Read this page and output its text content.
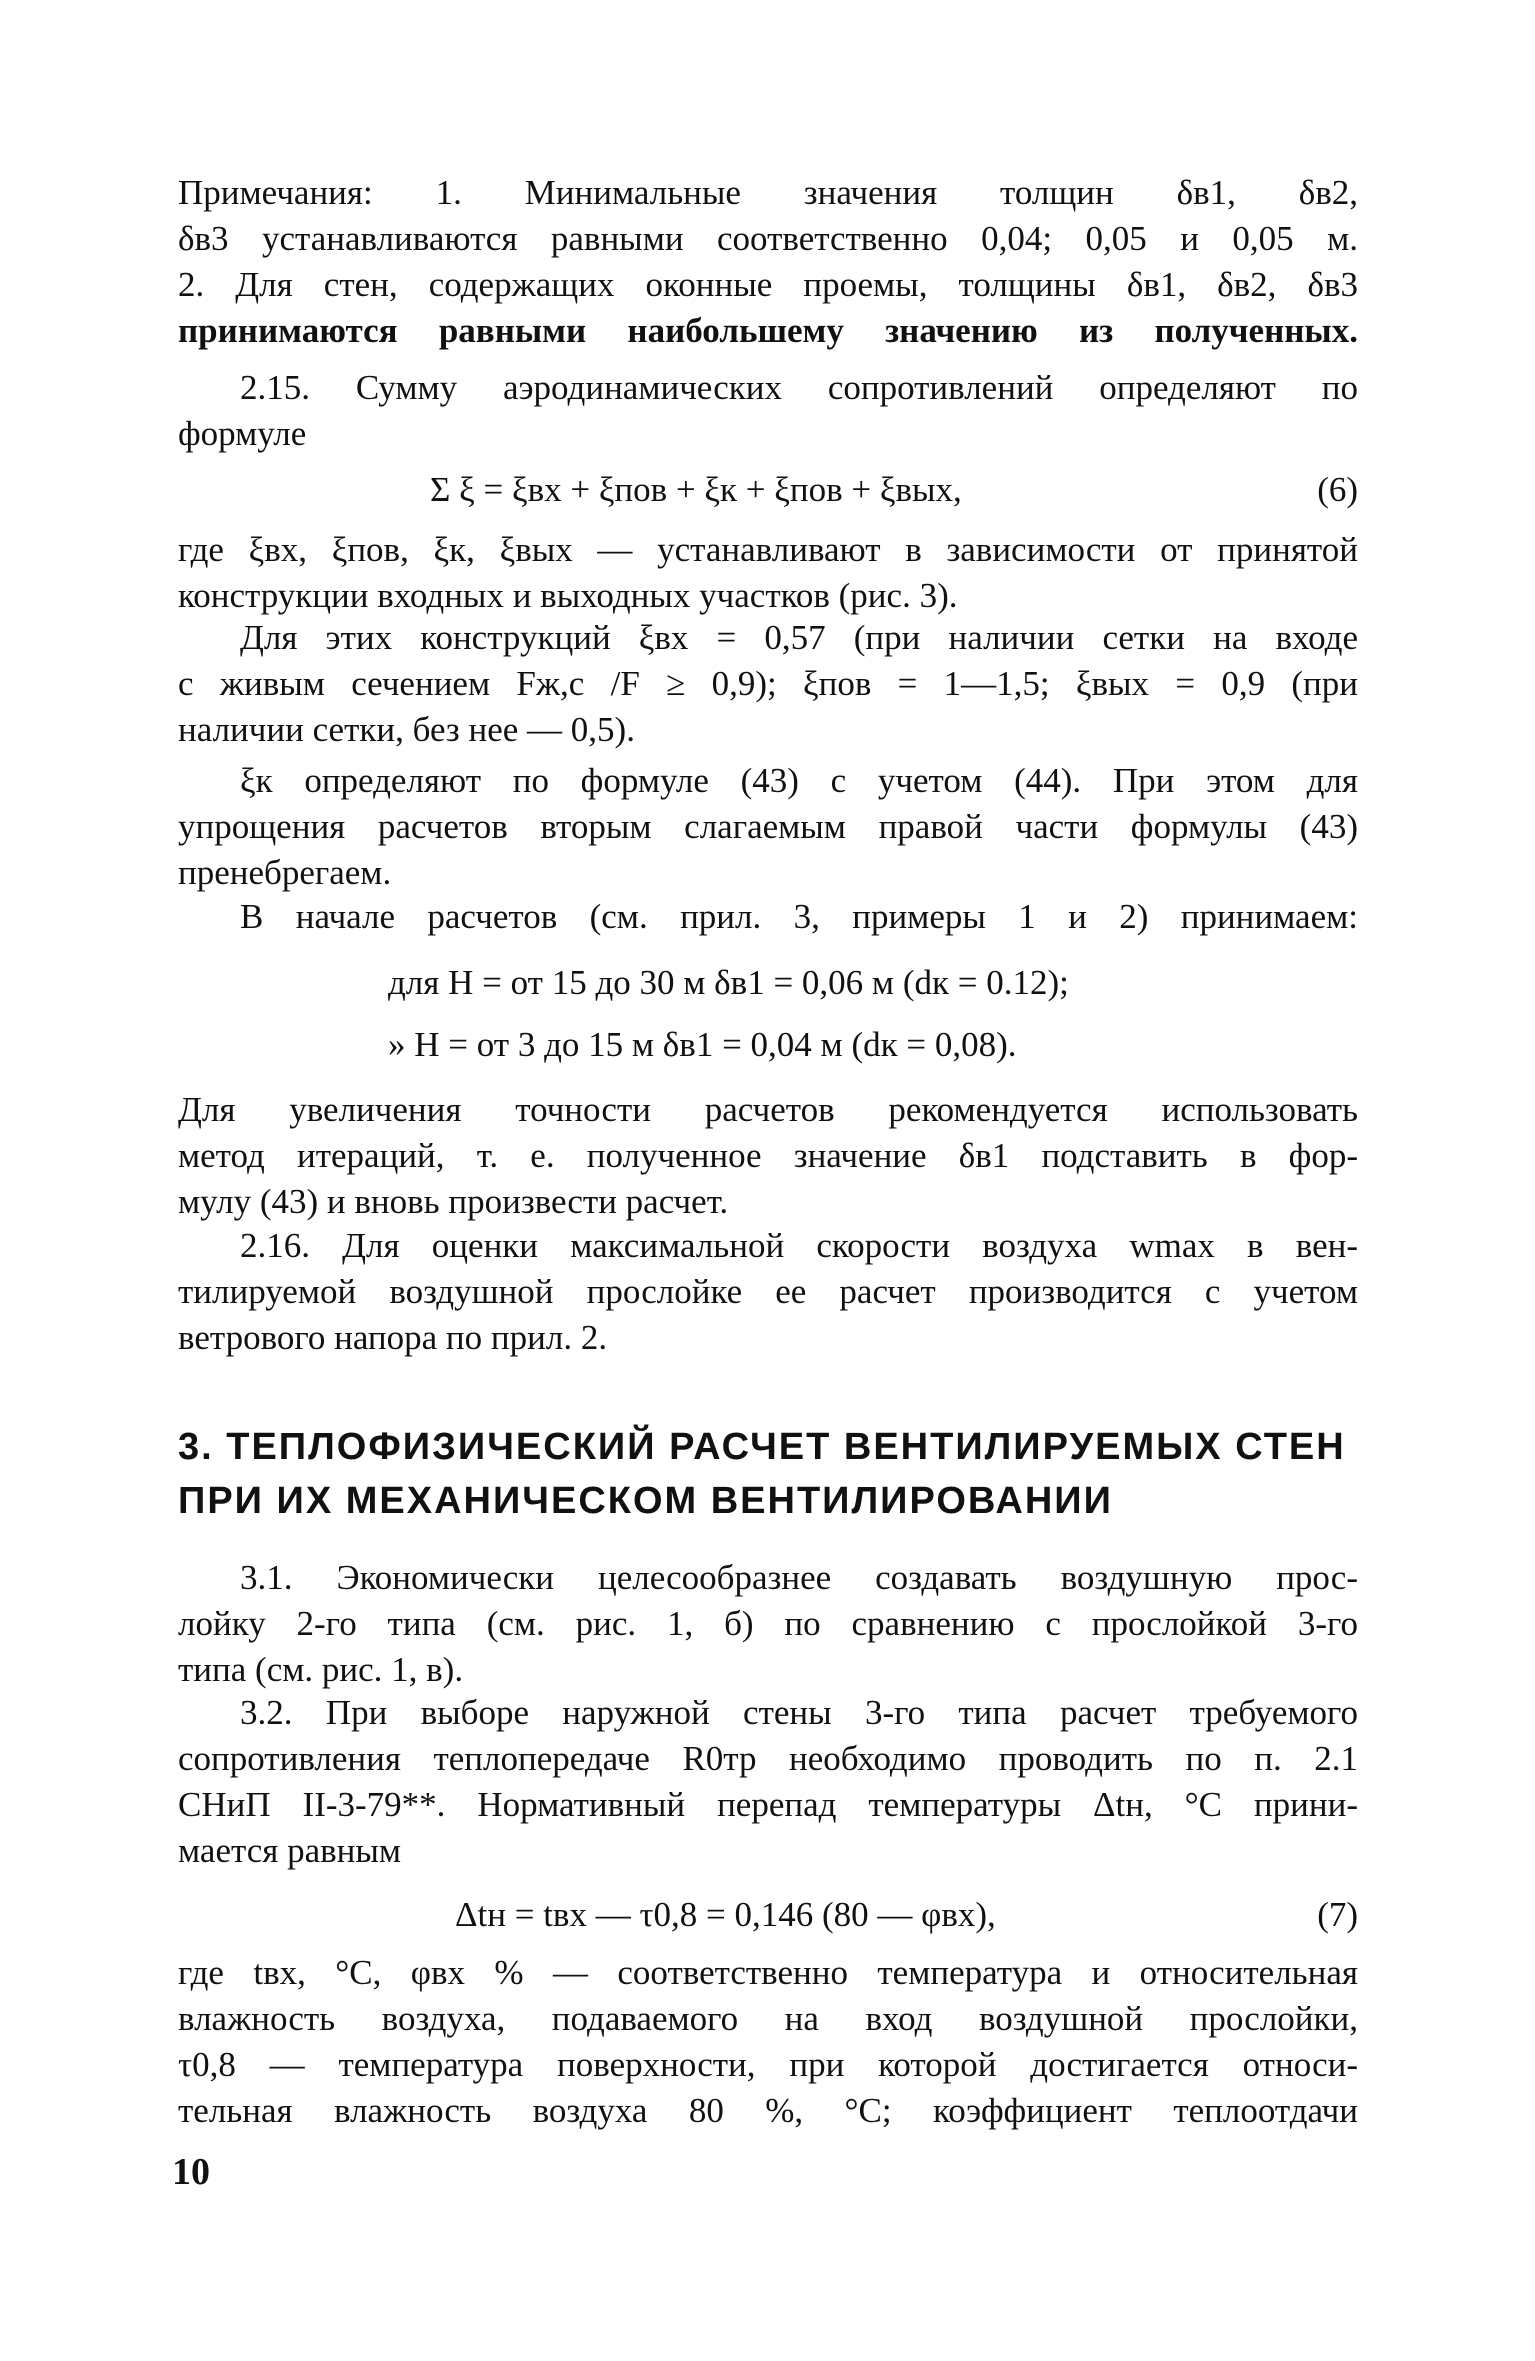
Примечания: 1. Минимальные значения толщин δв1, δв2,
δв3 устанавливаются равными соответственно 0,04; 0,05 и 0,05 м.
2. Для стен, содержащих оконные проемы, толщины δв1, δв2, δв3
принимаются равными наибольшему значению из полученных.
2.15. Сумму аэродинамических сопротивлений определяют по
формуле
Σ ξ = ξвх + ξпов + ξк + ξпов + ξвых,	(6)
где ξвх, ξпов, ξк, ξвых — устанавливают в зависимости от принятой
конструкции входных и выходных участков (рис. 3).
Для этих конструкций ξвх = 0,57 (при наличии сетки на входе
с живым сечением Fж,с /F ≥ 0,9); ξпов = 1—1,5; ξвых = 0,9 (при
наличии сетки, без нее — 0,5).
ξк определяют по формуле (43) с учетом (44). При этом для
упрощения расчетов вторым слагаемым правой части формулы (43)
пренебрегаем.
В начале расчетов (см. прил. 3, примеры 1 и 2) принимаем:
для H = от 15 до 30 м δв1 = 0,06 м (dк = 0.12);
» H = от 3 до 15 м δв1 = 0,04 м (dк = 0,08).
Для увеличения точности расчетов рекомендуется использовать
метод итераций, т. е. полученное значение δв1 подставить в фор-
мулу (43) и вновь произвести расчет.
2.16. Для оценки максимальной скорости воздуха wmax в вен-
тилируемой воздушной прослойке ее расчет производится с учетом
ветрового напора по прил. 2.
3. ТЕПЛОФИЗИЧЕСКИЙ РАСЧЕТ ВЕНТИЛИРУЕМЫХ СТЕН
ПРИ ИХ МЕХАНИЧЕСКОМ ВЕНТИЛИРОВАНИИ
3.1. Экономически целесообразнее создавать воздушную прос-
лойку 2-го типа (см. рис. 1, б) по сравнению с прослойкой 3-го
типа (см. рис. 1, в).
3.2. При выборе наружной стены 3-го типа расчет требуемого
сопротивления теплопередаче R0тр необходимо проводить по п. 2.1
СНиП II-3-79**. Нормативный перепад температуры Δtн, °С прини-
мается равным
Δtн = tвх — τ0,8 = 0,146 (80 — φвх),	(7)
где tвх, °С, φвх % — соответственно температура и относительная
влажность воздуха, подаваемого на вход воздушной прослойки,
τ0,8 — температура поверхности, при которой достигается относи-
тельная влажность воздуха 80 %, °С; коэффициент теплоотдачи
10
